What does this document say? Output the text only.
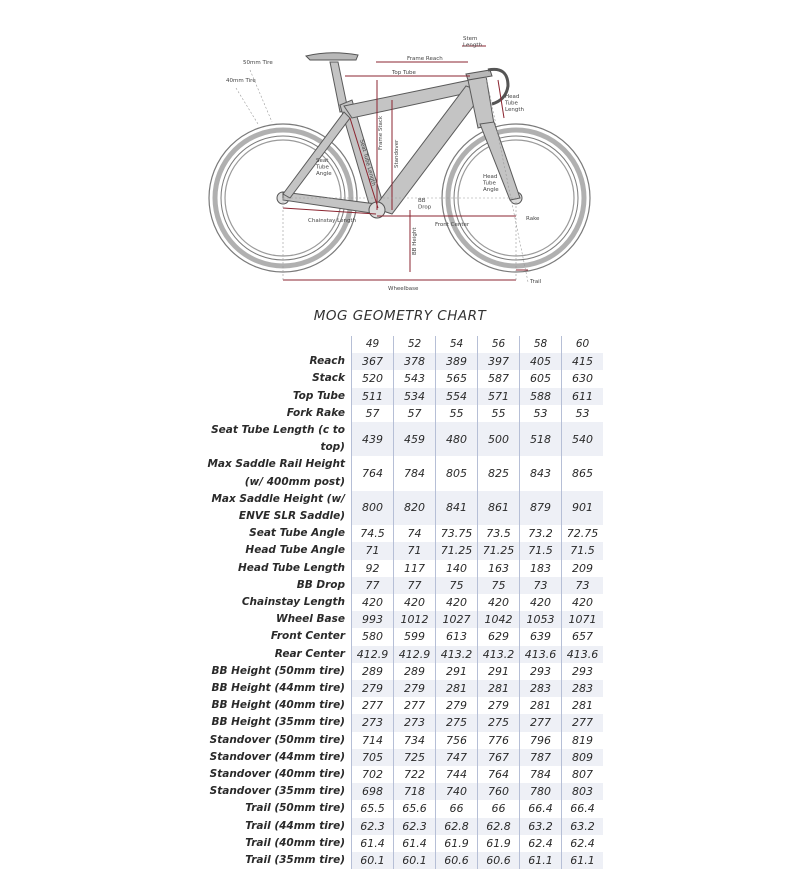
Stem Length
Frame Reach
Top Tube
50mm Tire
40mm Tire
Head Tube Length
Frame Stack
Standover
Seat Tube Angle	Seat Tube Length	Head Tube Angle
BB Drop
Chainstay Length
Front Center
Rake
BB Height
Trail
Wheelbase
MOG GEOMETRY CHART
	49	52	54	56	58	60
Reach	367	378	389	397	405	415
Stack	520	543	565	587	605	630
Top Tube	511	534	554	571	588	611
Fork Rake	57	57	55	55	53	53
Seat Tube Length (c to top)	439	459	480	500	518	540
Max Saddle Rail Height (w/ 400mm post)	764	784	805	825	843	865
Max Saddle Height (w/ ENVE SLR Saddle)	800	820	841	861	879	901
Seat Tube Angle	74.5	74	73.75	73.5	73.2	72.75
Head Tube Angle	71	71	71.25	71.25	71.5	71.5
Head Tube Length	92	117	140	163	183	209
BB Drop	77	77	75	75	73	73
Chainstay Length	420	420	420	420	420	420
Wheel Base	993	1012	1027	1042	1053	1071
Front Center	580	599	613	629	639	657
Rear Center	412.9	412.9	413.2	413.2	413.6	413.6
BB Height (50mm tire)	289	289	291	291	293	293
BB Height (44mm tire)	279	279	281	281	283	283
BB Height (40mm tire)	277	277	279	279	281	281
BB Height (35mm tire)	273	273	275	275	277	277
Standover (50mm tire)	714	734	756	776	796	819
Standover (44mm tire)	705	725	747	767	787	809
Standover (40mm tire)	702	722	744	764	784	807
Standover (35mm tire)	698	718	740	760	780	803
Trail (50mm tire)	65.5	65.6	66	66	66.4	66.4
Trail (44mm tire)	62.3	62.3	62.8	62.8	63.2	63.2
Trail (40mm tire)	61.4	61.4	61.9	61.9	62.4	62.4
Trail (35mm tire)	60.1	60.1	60.6	60.6	61.1	61.1
